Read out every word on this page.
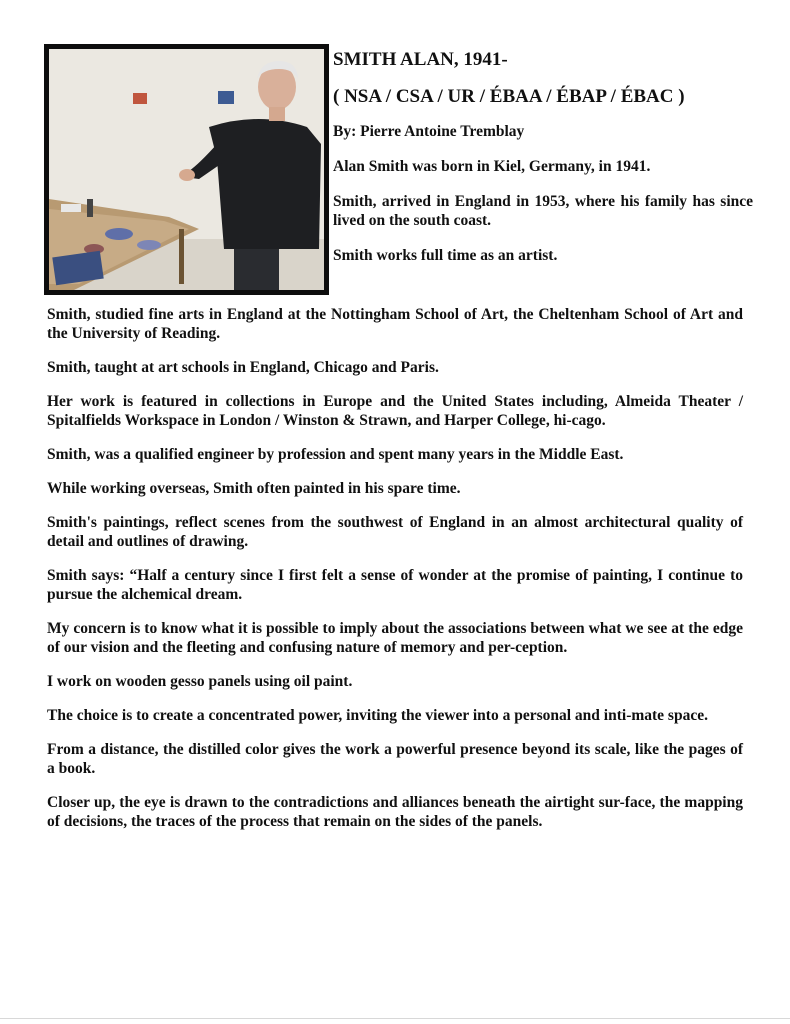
SMITH ALAN, 1941-

( NSA / CSA / UR / ÉBAA / ÉBAP / ÉBAC )

By: Pierre Antoine Tremblay

Alan Smith was born in Kiel, Germany, in 1941.

Smith, arrived in England in 1953, where his family has since lived on the south coast.

Smith works full time as an artist.

Smith, studied fine arts in England at the Nottingham School of Art, the Cheltenham School of Art and the University of Reading.

Smith, taught at art schools in England, Chicago and Paris.

Her work is featured in collections in Europe and the United States including, Almeida Theater / Spitalfields Workspace in London / Winston & Strawn, and Harper College, hi-cago.

Smith, was a qualified engineer by profession and spent many years in the Middle East.

While working overseas, Smith often painted in his spare time.

Smith's paintings, reflect scenes from the southwest of England in an almost architectural quality of detail and outlines of drawing.

Smith says: “Half a century since I first felt a sense of wonder at the promise of painting, I continue to pursue the alchemical dream.

My concern is to know what it is possible to imply about the associations between what we see at the edge of our vision and the fleeting and confusing nature of memory and per-ception.

I work on wooden gesso panels using oil paint.

The choice is to create a concentrated power, inviting the viewer into a personal and inti-mate space.

From a distance, the distilled color gives the work a powerful presence beyond its scale, like the pages of a book.

Closer up, the eye is drawn to the contradictions and alliances beneath the airtight sur-face, the mapping of decisions, the traces of the process that remain on the sides of the panels.
